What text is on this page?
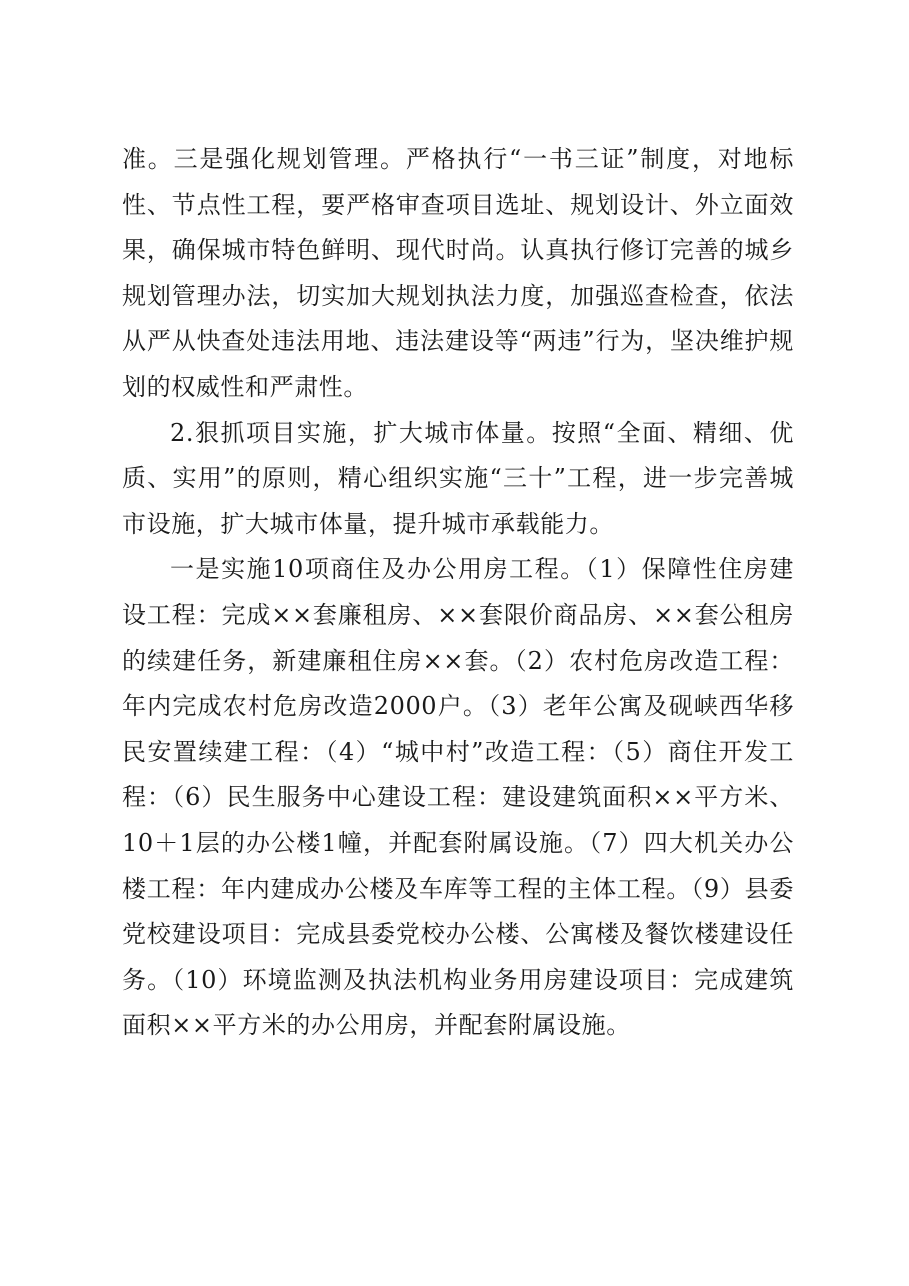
准。三是强化规划管理。严格执行“一书三证”制度，对地标性、节点性工程，要严格审查项目选址、规划设计、外立面效果，确保城市特色鲜明、现代时尚。认真执行修订完善的城乡规划管理办法，切实加大规划执法力度，加强巡查检查，依法从严从快查处违法用地、违法建设等“两违”行为，坚决维护规划的权威性和严肃性。

2.狠抓项目实施，扩大城市体量。按照“全面、精细、优质、实用”的原则，精心组织实施“三十”工程，进一步完善城市设施，扩大城市体量，提升城市承载能力。

一是实施10项商住及办公用房工程。（1）保障性住房建设工程：完成××套廉租房、××套限价商品房、××套公租房的续建任务，新建廉租住房××套。（2）农村危房改造工程：年内完成农村危房改造2000户。（3）老年公寓及砚峡西华移民安置续建工程：（4）“城中村”改造工程：（5）商住开发工程：（6）民生服务中心建设工程：建设建筑面积××平方米、10＋1层的办公楼1幢，并配套附属设施。（7）四大机关办公楼工程：年内建成办公楼及车库等工程的主体工程。（9）县委党校建设项目：完成县委党校办公楼、公寓楼及餐饮楼建设任务。（10）环境监测及执法机构业务用房建设项目：完成建筑面积××平方米的办公用房，并配套附属设施。
